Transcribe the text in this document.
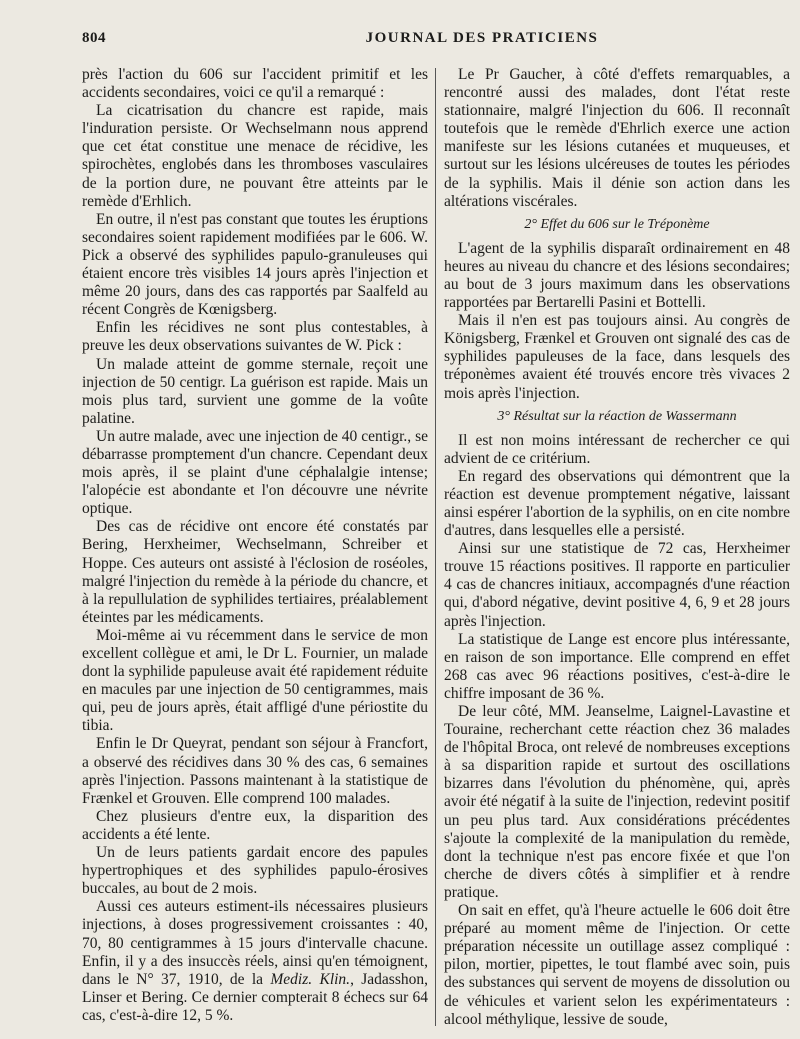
804	JOURNAL DES PRATICIENS

près l'action du 606 sur l'accident primitif et les accidents secondaires, voici ce qu'il a remarqué :

La cicatrisation du chancre est rapide, mais l'induration persiste. Or Wechselmann nous apprend que cet état constitue une menace de récidive, les spirochètes, englobés dans les thromboses vasculaires de la portion dure, ne pouvant être atteints par le remède d'Erhlich.

En outre, il n'est pas constant que toutes les éruptions secondaires soient rapidement modifiées par le 606. W. Pick a observé des syphilides papulo-granuleuses qui étaient encore très visibles 14 jours après l'injection et même 20 jours, dans des cas rapportés par Saalfeld au récent Congrès de Kœnigsberg.

Enfin les récidives ne sont plus contestables, à preuve les deux observations suivantes de W. Pick :

Un malade atteint de gomme sternale, reçoit une injection de 50 centigr. La guérison est rapide. Mais un mois plus tard, survient une gomme de la voûte palatine.

Un autre malade, avec une injection de 40 centigr., se débarrasse promptement d'un chancre. Cependant deux mois après, il se plaint d'une céphalalgie intense; l'alopécie est abondante et l'on découvre une névrite optique.

Des cas de récidive ont encore été constatés par Bering, Herxheimer, Wechselmann, Schreiber et Hoppe. Ces auteurs ont assisté à l'éclosion de roséoles, malgré l'injection du remède à la période du chancre, et à la repullulation de syphilides tertiaires, préalablement éteintes par les médicaments.

Moi-même ai vu récemment dans le service de mon excellent collègue et ami, le Dr L. Fournier, un malade dont la syphilide papuleuse avait été rapidement réduite en macules par une injection de 50 centigrammes, mais qui, peu de jours après, était affligé d'une périostite du tibia.

Enfin le Dr Queyrat, pendant son séjour à Francfort, a observé des récidives dans 30 % des cas, 6 semaines après l'injection. Passons maintenant à la statistique de Frænkel et Grouven. Elle comprend 100 malades.

Chez plusieurs d'entre eux, la disparition des accidents a été lente.

Un de leurs patients gardait encore des papules hypertrophiques et des syphilides papulo-érosives buccales, au bout de 2 mois.

Aussi ces auteurs estiment-ils nécessaires plusieurs injections, à doses progressivement croissantes : 40, 70, 80 centigrammes à 15 jours d'intervalle chacune. Enfin, il y a des insuccès réels, ainsi qu'en témoignent, dans le N° 37, 1910, de la Mediz. Klin., Jadasshon, Linser et Bering. Ce dernier compterait 8 échecs sur 64 cas, c'est-à-dire 12, 5 %.

Le Pr Gaucher, à côté d'effets remarquables, a rencontré aussi des malades, dont l'état reste stationnaire, malgré l'injection du 606. Il reconnaît toutefois que le remède d'Ehrlich exerce une action manifeste sur les lésions cutanées et muqueuses, et surtout sur les lésions ulcéreuses de toutes les périodes de la syphilis. Mais il dénie son action dans les altérations viscérales.

2° Effet du 606 sur le Tréponème

L'agent de la syphilis disparaît ordinairement en 48 heures au niveau du chancre et des lésions secondaires; au bout de 3 jours maximum dans les observations rapportées par Bertarelli Pasini et Bottelli.

Mais il n'en est pas toujours ainsi. Au congrès de Königsberg, Frænkel et Grouven ont signalé des cas de syphilides papuleuses de la face, dans lesquels des tréponèmes avaient été trouvés encore très vivaces 2 mois après l'injection.

3° Résultat sur la réaction de Wassermann

Il est non moins intéressant de rechercher ce qui advient de ce critérium.

En regard des observations qui démontrent que la réaction est devenue promptement négative, laissant ainsi espérer l'abortion de la syphilis, on en cite nombre d'autres, dans lesquelles elle a persisté.

Ainsi sur une statistique de 72 cas, Herxheimer trouve 15 réactions positives. Il rapporte en particulier 4 cas de chancres initiaux, accompagnés d'une réaction qui, d'abord négative, devint positive 4, 6, 9 et 28 jours après l'injection.

La statistique de Lange est encore plus intéressante, en raison de son importance. Elle comprend en effet 268 cas avec 96 réactions positives, c'est-à-dire le chiffre imposant de 36 %.

De leur côté, MM. Jeanselme, Laignel-Lavastine et Touraine, recherchant cette réaction chez 36 malades de l'hôpital Broca, ont relevé de nombreuses exceptions à sa disparition rapide et surtout des oscillations bizarres dans l'évolution du phénomène, qui, après avoir été négatif à la suite de l'injection, redevint positif un peu plus tard. Aux considérations précédentes s'ajoute la complexité de la manipulation du remède, dont la technique n'est pas encore fixée et que l'on cherche de divers côtés à simplifier et à rendre pratique.

On sait en effet, qu'à l'heure actuelle le 606 doit être préparé au moment même de l'injection. Or cette préparation nécessite un outillage assez compliqué : pilon, mortier, pipettes, le tout flambé avec soin, puis des substances qui servent de moyens de dissolution ou de véhicules et varient selon les expérimentateurs : alcool méthylique, lessive de soude,
